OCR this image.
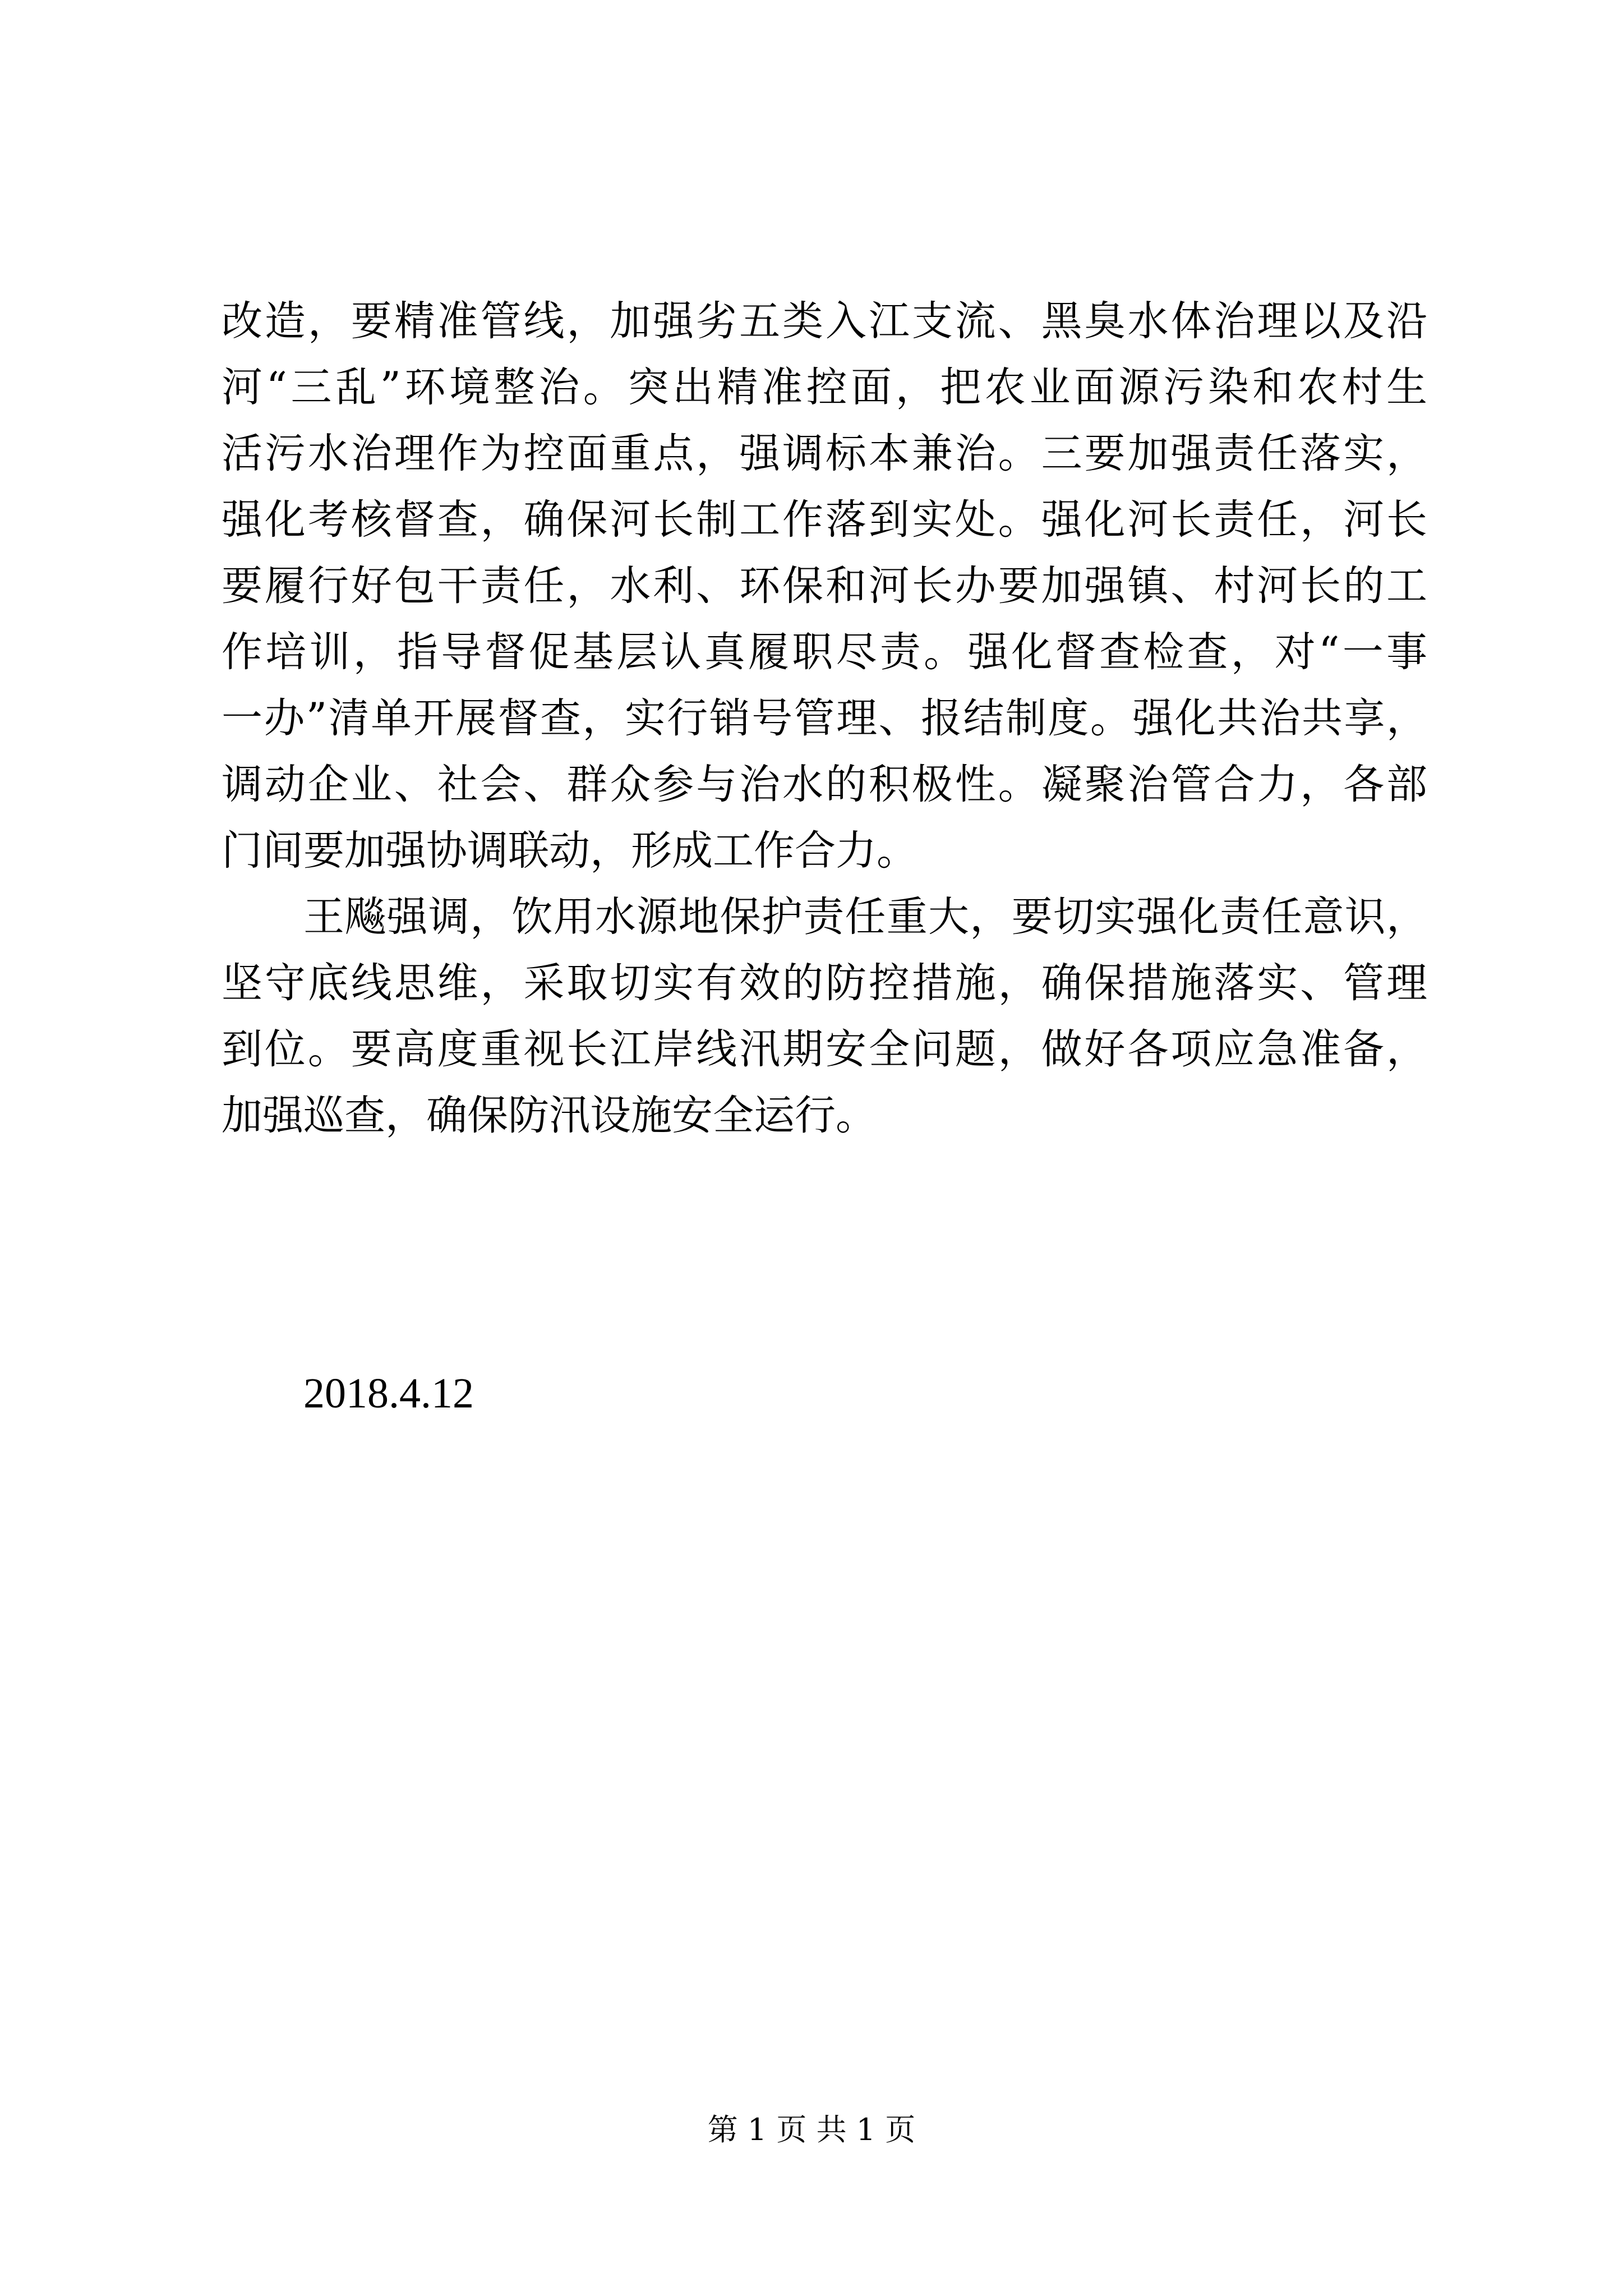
改造，要精准管线，加强劣五类入江支流、黑臭水体治理以及沿
河“三乱”环境整治。突出精准控面，把农业面源污染和农村生
活污水治理作为控面重点，强调标本兼治。三要加强责任落实，
强化考核督查，确保河长制工作落到实处。强化河长责任，河长
要履行好包干责任，水利、环保和河长办要加强镇、村河长的工
作培训，指导督促基层认真履职尽责。强化督查检查，对“一事
一办”清单开展督查，实行销号管理、报结制度。强化共治共享，
调动企业、社会、群众参与治水的积极性。凝聚治管合力，各部
门间要加强协调联动，形成工作合力。
王飚强调，饮用水源地保护责任重大，要切实强化责任意识，
坚守底线思维，采取切实有效的防控措施，确保措施落实、管理
到位。要高度重视长江岸线汛期安全问题，做好各项应急准备，
加强巡查，确保防汛设施安全运行。
2018.4.12
第 1 页 共 1 页
